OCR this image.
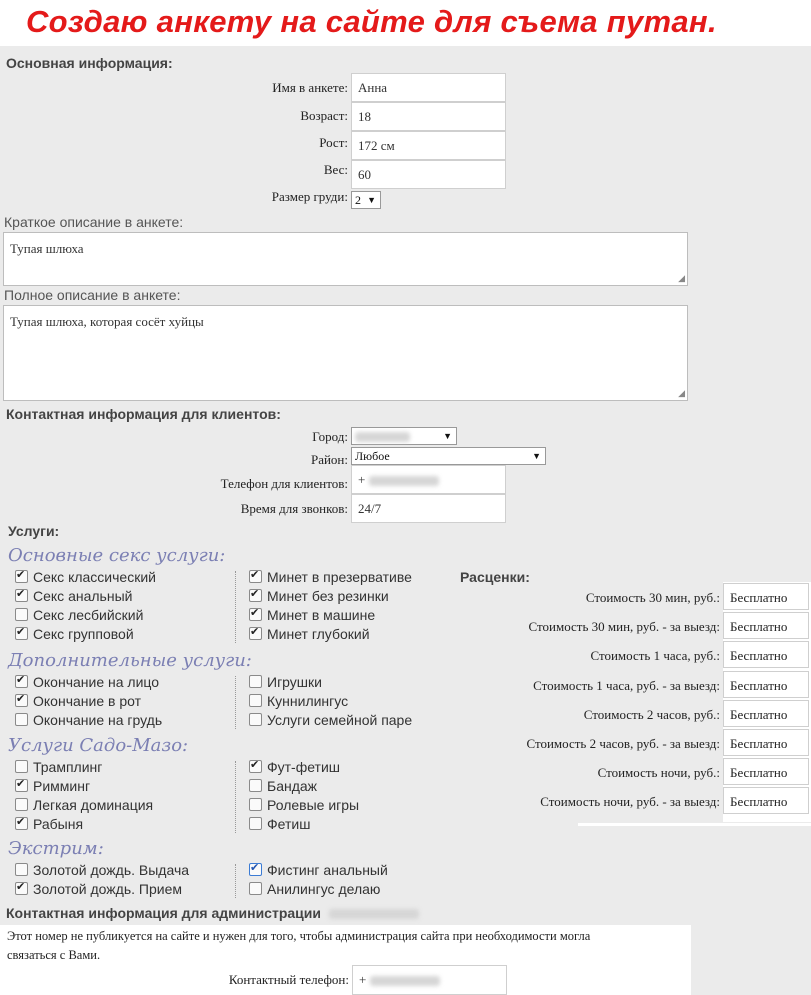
Создаю анкету на сайте для съема путан.
Основная информация:
Имя в анкете: Анна
Возраст: 18
Рост: 172 см
Вес: 60
Размер груди: 2 ▼
Краткое описание в анкете:
Тупая шлюха
◢
Полное описание в анкете:
Тупая шлюха, которая сосёт хуйцы
◢
Контактная информация для клиентов:
Город:	▼
Район: Любое	▼
Телефон для клиентов: +
Время для звонков: 24/7
Услуги:
Основные секс услуги:
✔Секс классический
✔Секс анальный
Секс лесбийский
✔Секс групповой
✔Минет в презервативе
✔Минет без резинки
✔Минет в машине
✔Минет глубокий
Дополнительные услуги:
✔Окончание на лицо
✔Окончание в рот
Окончание на грудь
Игрушки
Куннилингус
Услуги семейной паре
Услуги Садо-Мазо:
Трамплинг
✔Римминг
Легкая доминация
✔Рабыня
✔Фут-фетиш
Бандаж
Ролевые игры
Фетиш
Экстрим:
Золотой дождь. Выдача
✔Золотой дождь. Прием
✔Фистинг анальный
Анилингус делаю
Расценки:
Стоимость 30 мин, руб.: Бесплатно
Стоимость 30 мин, руб. - за выезд: Бесплатно
Стоимость 1 часа, руб.: Бесплатно
Стоимость 1 часа, руб. - за выезд: Бесплатно
Стоимость 2 часов, руб.: Бесплатно
Стоимость 2 часов, руб. - за выезд: Бесплатно
Стоимость ночи, руб.: Бесплатно
Стоимость ночи, руб. - за выезд: Бесплатно
Контактная информация для администрации
Этот номер не публикуется на сайте и нужен для того, чтобы администрация сайта при необходимости могла
связаться с Вами.
Контактный телефон: +
